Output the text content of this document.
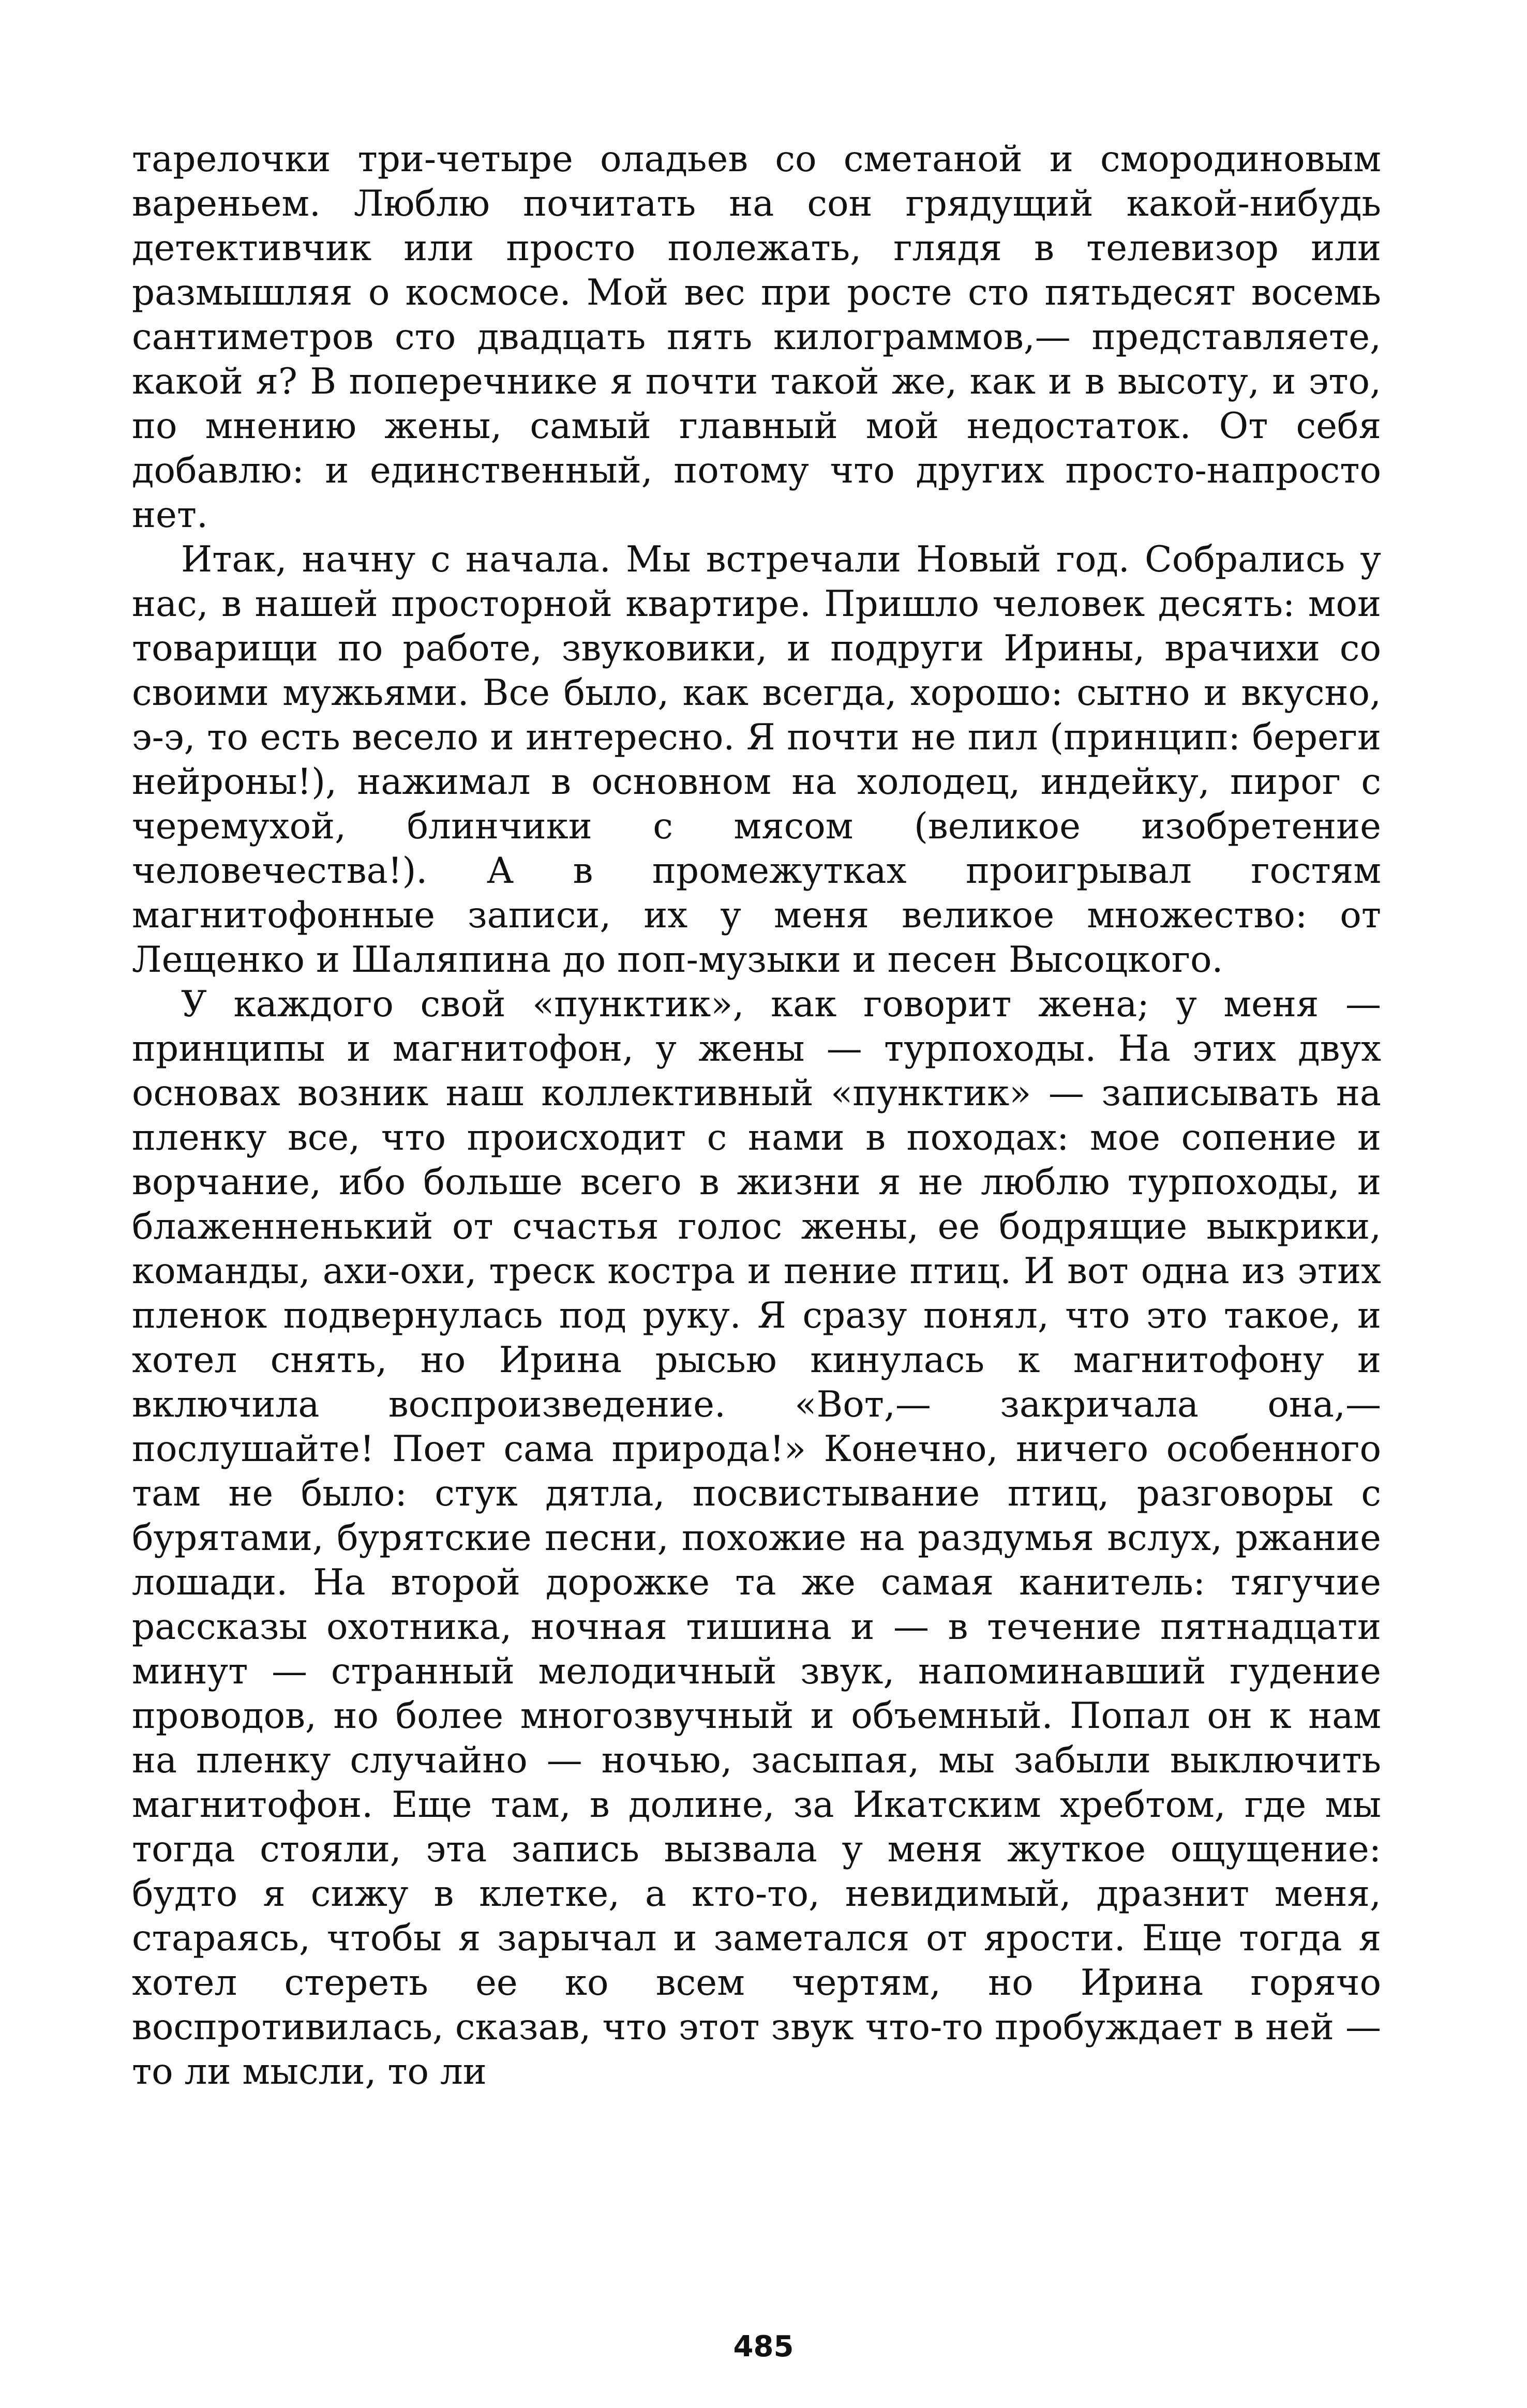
тарелочки три-четыре оладьев со сметаной и смородиновым вареньем. Люблю почитать на сон грядущий какой-нибудь детективчик или просто полежать, глядя в телевизор или размышляя о космосе. Мой вес при росте сто пятьдесят восемь сантиметров сто двадцать пять килограммов,— представляете, какой я? В поперечнике я почти такой же, как и в высоту, и это, по мнению жены, самый главный мой недостаток. От себя добавлю: и единственный, потому что других просто-напросто нет.

Итак, начну с начала. Мы встречали Новый год. Собрались у нас, в нашей просторной квартире. Пришло человек десять: мои товарищи по работе, звуковики, и подруги Ирины, врачихи со своими мужьями. Все было, как всегда, хорошо: сытно и вкусно, э-э, то есть весело и интересно. Я почти не пил (принцип: береги нейроны!), нажимал в основном на холодец, индейку, пирог с черемухой, блинчики с мясом (великое изобретение человечества!). А в промежутках проигрывал гостям магнитофонные записи, их у меня великое множество: от Лещенко и Шаляпина до поп-музыки и песен Высоцкого.

У каждого свой «пунктик», как говорит жена; у меня — принципы и магнитофон, у жены — турпоходы. На этих двух основах возник наш коллективный «пунктик» — записывать на пленку все, что происходит с нами в походах: мое сопение и ворчание, ибо больше всего в жизни я не люблю турпоходы, и блаженненький от счастья голос жены, ее бодрящие выкрики, команды, ахи-охи, треск костра и пение птиц. И вот одна из этих пленок подвернулась под руку. Я сразу понял, что это такое, и хотел снять, но Ирина рысью кинулась к магнитофону и включила воспроизведение. «Вот,— закричала она,— послушайте! Поет сама природа!» Конечно, ничего особенного там не было: стук дятла, посвистывание птиц, разговоры с бурятами, бурятские песни, похожие на раздумья вслух, ржание лошади. На второй дорожке та же самая канитель: тягучие рассказы охотника, ночная тишина и — в течение пятнадцати минут — странный мелодичный звук, напоминавший гудение проводов, но более многозвучный и объемный. Попал он к нам на пленку случайно — ночью, засыпая, мы забыли выключить магнитофон. Еще там, в долине, за Икатским хребтом, где мы тогда стояли, эта запись вызвала у меня жуткое ощущение: будто я сижу в клетке, а кто-то, невидимый, дразнит меня, стараясь, чтобы я зарычал и заметался от ярости. Еще тогда я хотел стереть ее ко всем чертям, но Ирина горячо воспротивилась, сказав, что этот звук что-то пробуждает в ней — то ли мысли, то ли

485
